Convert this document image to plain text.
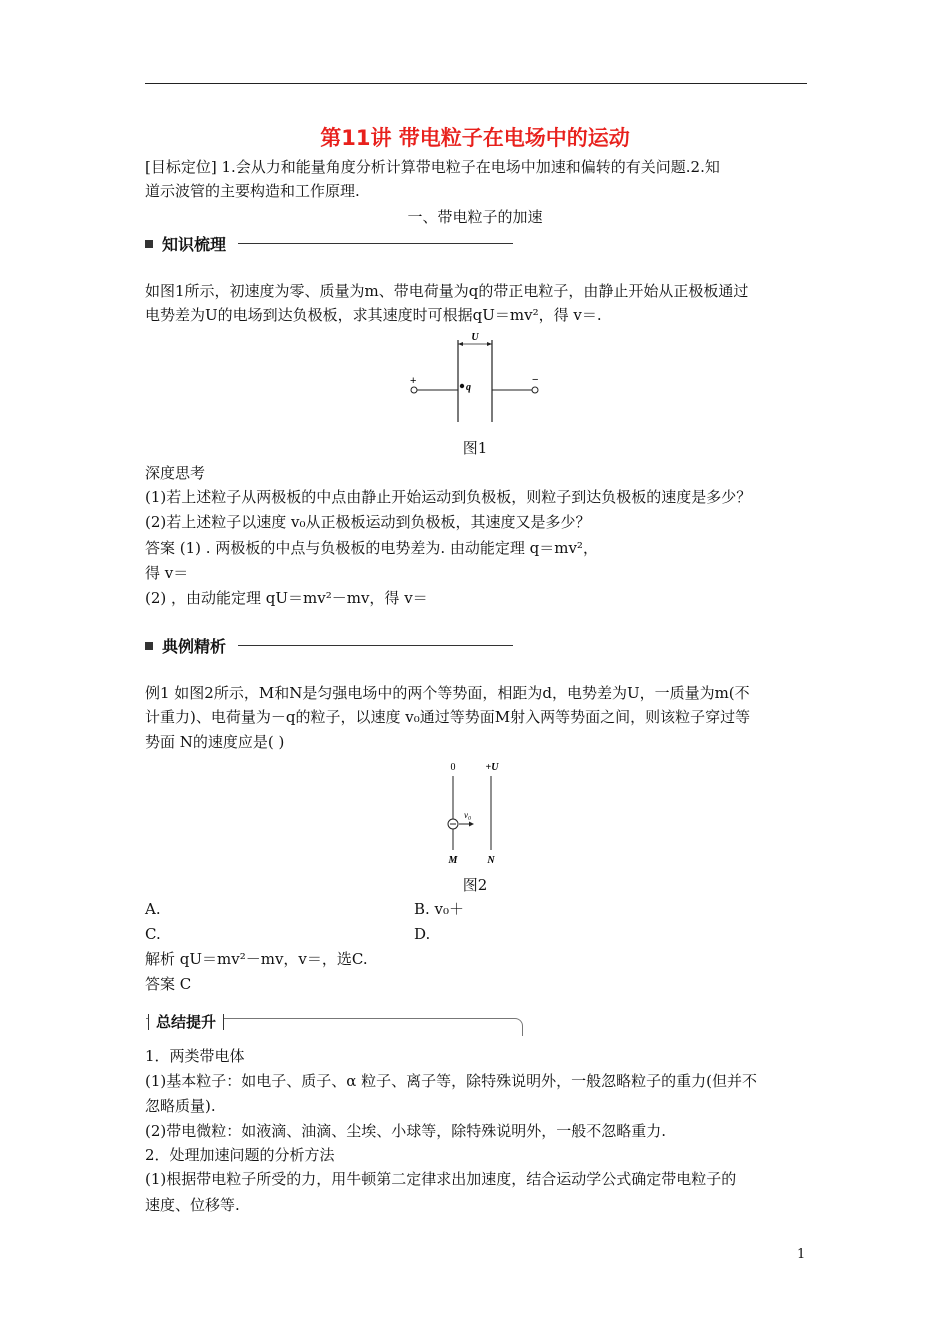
第11讲 带电粒子在电场中的运动
[目标定位] 1.会从力和能量角度分析计算带电粒子在电场中加速和偏转的有关问题.2.知
道示波管的主要构造和工作原理.
一、带电粒子的加速
知识梳理
如图1所示，初速度为零、质量为m、带电荷量为q的带正电粒子，由静止开始从正极板通过
电势差为U的电场到达负极板，求其速度时可根据qU＝mv²，得 v＝.
U
+	−
q
图1
深度思考
(1)若上述粒子从两极板的中点由静止开始运动到负极板，则粒子到达负极板的速度是多少？
(2)若上述粒子以速度 v₀从正极板运动到负极板，其速度又是多少？
答案 (1) . 两极板的中点与负极板的电势差为. 由动能定理 q＝mv²，
得 v＝
(2) ，由动能定理 qU＝mv²－mv，得 v＝
典例精析
例1 如图2所示，M和N是匀强电场中的两个等势面，相距为d，电势差为U，一质量为m(不
计重力)、电荷量为－q的粒子，以速度 v₀通过等势面M射入两等势面之间，则该粒子穿过等
势面 N的速度应是( )
0	+U
v₀
M	N
图2
A.	B. v₀＋
C.	D.
解析 qU＝mv²－mv，v＝，选C.
答案 C
总结提升
1．两类带电体
(1)基本粒子：如电子、质子、α 粒子、离子等，除特殊说明外，一般忽略粒子的重力(但并不
忽略质量).
(2)带电微粒：如液滴、油滴、尘埃、小球等，除特殊说明外，一般不忽略重力.
2．处理加速问题的分析方法
(1)根据带电粒子所受的力，用牛顿第二定律求出加速度，结合运动学公式确定带电粒子的
速度、位移等.
1
